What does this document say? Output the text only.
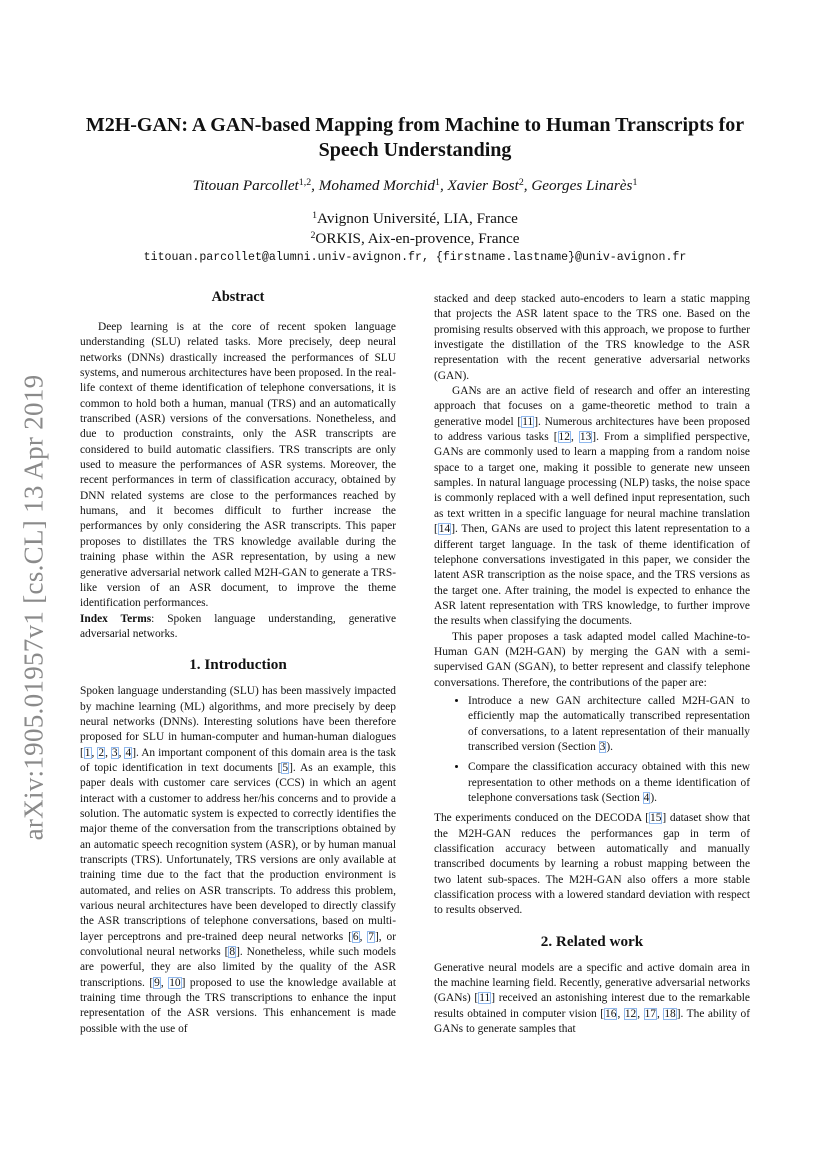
arXiv:1905.01957v1 [cs.CL] 13 Apr 2019
M2H-GAN: A GAN-based Mapping from Machine to Human Transcripts for Speech Understanding
Titouan Parcollet$^{1,2}$, Mohamed Morchid$^1$, Xavier Bost$^2$, Georges Linarès$^1$
$^1$Avignon Université, LIA, France
$^2$ORKIS, Aix-en-provence, France
titouan.parcollet@alumni.univ-avignon.fr, {firstname.lastname}@univ-avignon.fr
Abstract

Deep learning is at the core of recent spoken language understanding (SLU) related tasks. More precisely, deep neural networks (DNNs) drastically increased the performances of SLU systems, and numerous architectures have been proposed. In the real-life context of theme identification of telephone conversations, it is common to hold both a human, manual (TRS) and an automatically transcribed (ASR) versions of the conversations. Nonetheless, and due to production constraints, only the ASR transcripts are considered to build automatic classifiers. TRS transcripts are only used to measure the performances of ASR systems. Moreover, the recent performances in term of classification accuracy, obtained by DNN related systems are close to the performances reached by humans, and it becomes difficult to further increase the performances by only considering the ASR transcripts. This paper proposes to distillates the TRS knowledge available during the training phase within the ASR representation, by using a new generative adversarial network called M2H-GAN to generate a TRS-like version of an ASR document, to improve the theme identification performances.

Index Terms: Spoken language understanding, generative adversarial networks.

1. Introduction

Spoken language understanding (SLU) has been massively impacted by machine learning (ML) algorithms, and more precisely by deep neural networks (DNNs). Interesting solutions have been therefore proposed for SLU in human-computer and human-human dialogues [1, 2, 3, 4]. An important component of this domain area is the task of topic identification in text documents [5]. As an example, this paper deals with customer care services (CCS) in which an agent interact with a customer to address her/his concerns and to provide a solution. The automatic system is expected to correctly identifies the major theme of the conversation from the transcriptions obtained by an automatic speech recognition system (ASR), or by human manual transcripts (TRS). Unfortunately, TRS versions are only available at training time due to the fact that the production environment is automated, and relies on ASR transcripts. To address this problem, various neural architectures have been developed to directly classify the ASR transcriptions of telephone conversations, based on multi-layer perceptrons and pre-trained deep neural networks [6, 7], or convolutional neural networks [8]. Nonetheless, while such models are powerful, they are also limited by the quality of the ASR transcriptions. [9, 10] proposed to use the knowledge available at training time through the TRS transcriptions to enhance the input representation of the ASR versions. This enhancement is made possible with the use of

stacked and deep stacked auto-encoders to learn a static mapping that projects the ASR latent space to the TRS one. Based on the promising results observed with this approach, we propose to further investigate the distillation of the TRS knowledge to the ASR representation with the recent generative adversarial networks (GAN).

GANs are an active field of research and offer an interesting approach that focuses on a game-theoretic method to train a generative model [11]. Numerous architectures have been proposed to address various tasks [12, 13]. From a simplified perspective, GANs are commonly used to learn a mapping from a random noise space to a target one, making it possible to generate new unseen samples. In natural language processing (NLP) tasks, the noise space is commonly replaced with a well defined input representation, such as text written in a specific language for neural machine translation [14]. Then, GANs are used to project this latent representation to a different target language. In the task of theme identification of telephone conversations investigated in this paper, we consider the latent ASR transcription as the noise space, and the TRS versions as the target one. After training, the model is expected to enhance the ASR latent representation with TRS knowledge, to further improve the results when classifying the documents.

This paper proposes a task adapted model called Machine-to-Human GAN (M2H-GAN) by merging the GAN with a semi-supervised GAN (SGAN), to better represent and classify telephone conversations. Therefore, the contributions of the paper are:

• Introduce a new GAN architecture called M2H-GAN to efficiently map the automatically transcribed representation of conversations, to a latent representation of their manually transcribed version (Section 3).
• Compare the classification accuracy obtained with this new representation to other methods on a theme identification of telephone conversations task (Section 4).

The experiments conduced on the DECODA [15] dataset show that the M2H-GAN reduces the performances gap in term of classification accuracy between automatically and manually transcribed documents by learning a robust mapping between the two latent sub-spaces. The M2H-GAN also offers a more stable classification process with a lowered standard deviation with respect to results observed.

2. Related work

Generative neural models are a specific and active domain area in the machine learning field. Recently, generative adversarial networks (GANs) [11] received an astonishing interest due to the remarkable results obtained in computer vision [16, 12, 17, 18]. The ability of GANs to generate samples that
